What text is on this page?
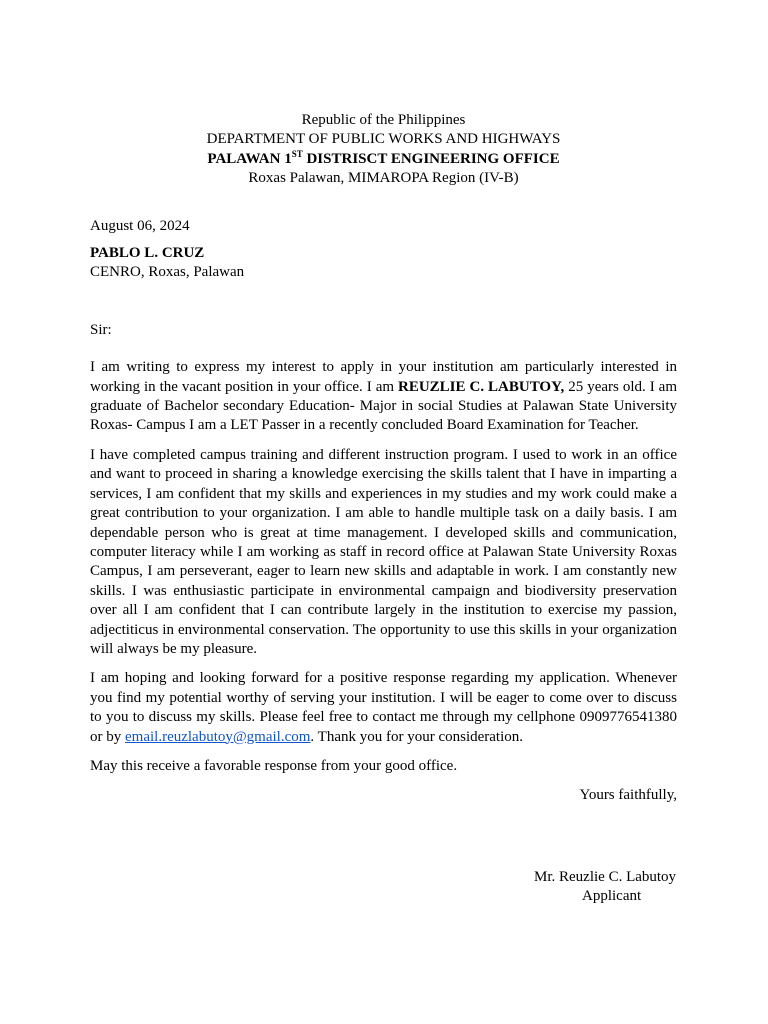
Republic of the Philippines
DEPARTMENT OF PUBLIC WORKS AND HIGHWAYS
PALAWAN 1ST DISTRISCT ENGINEERING OFFICE
Roxas Palawan, MIMAROPA Region (IV-B)
August 06, 2024
PABLO L. CRUZ
CENRO, Roxas, Palawan
Sir:

I am writing to express my interest to apply in your institution am particularly interested in working in the vacant position in your office. I am REUZLIE C. LABUTOY, 25 years old. I am graduate of Bachelor secondary Education- Major in social Studies at Palawan State University Roxas- Campus I am a LET Passer in a recently concluded Board Examination for Teacher.

I have completed campus training and different instruction program. I used to work in an office and want to proceed in sharing a knowledge exercising the skills talent that I have in imparting a services, I am confident that my skills and experiences in my studies and my work could make a great contribution to your organization. I am able to handle multiple task on a daily basis. I am dependable person who is great at time management. I developed skills and communication, computer literacy while I am working as staff in record office at Palawan State University Roxas Campus, I am perseverant, eager to learn new skills and adaptable in work. I am constantly new skills. I was enthusiastic participate in environmental campaign and biodiversity preservation over all I am confident that I can contribute largely in the institution to exercise my passion, adjectiticus in environmental conservation. The opportunity to use this skills in your organization will always be my pleasure.

I am hoping and looking forward for a positive response regarding my application. Whenever you find my potential worthy of serving your institution. I will be eager to come over to discuss to you to discuss my skills. Please feel free to contact me through my cellphone 0909776541380 or by email.reuzlabutoy@gmail.com. Thank you for your consideration.

May this receive a favorable response from your good office.

Yours faithfully,
Mr. Reuzlie C. Labutoy
Applicant
